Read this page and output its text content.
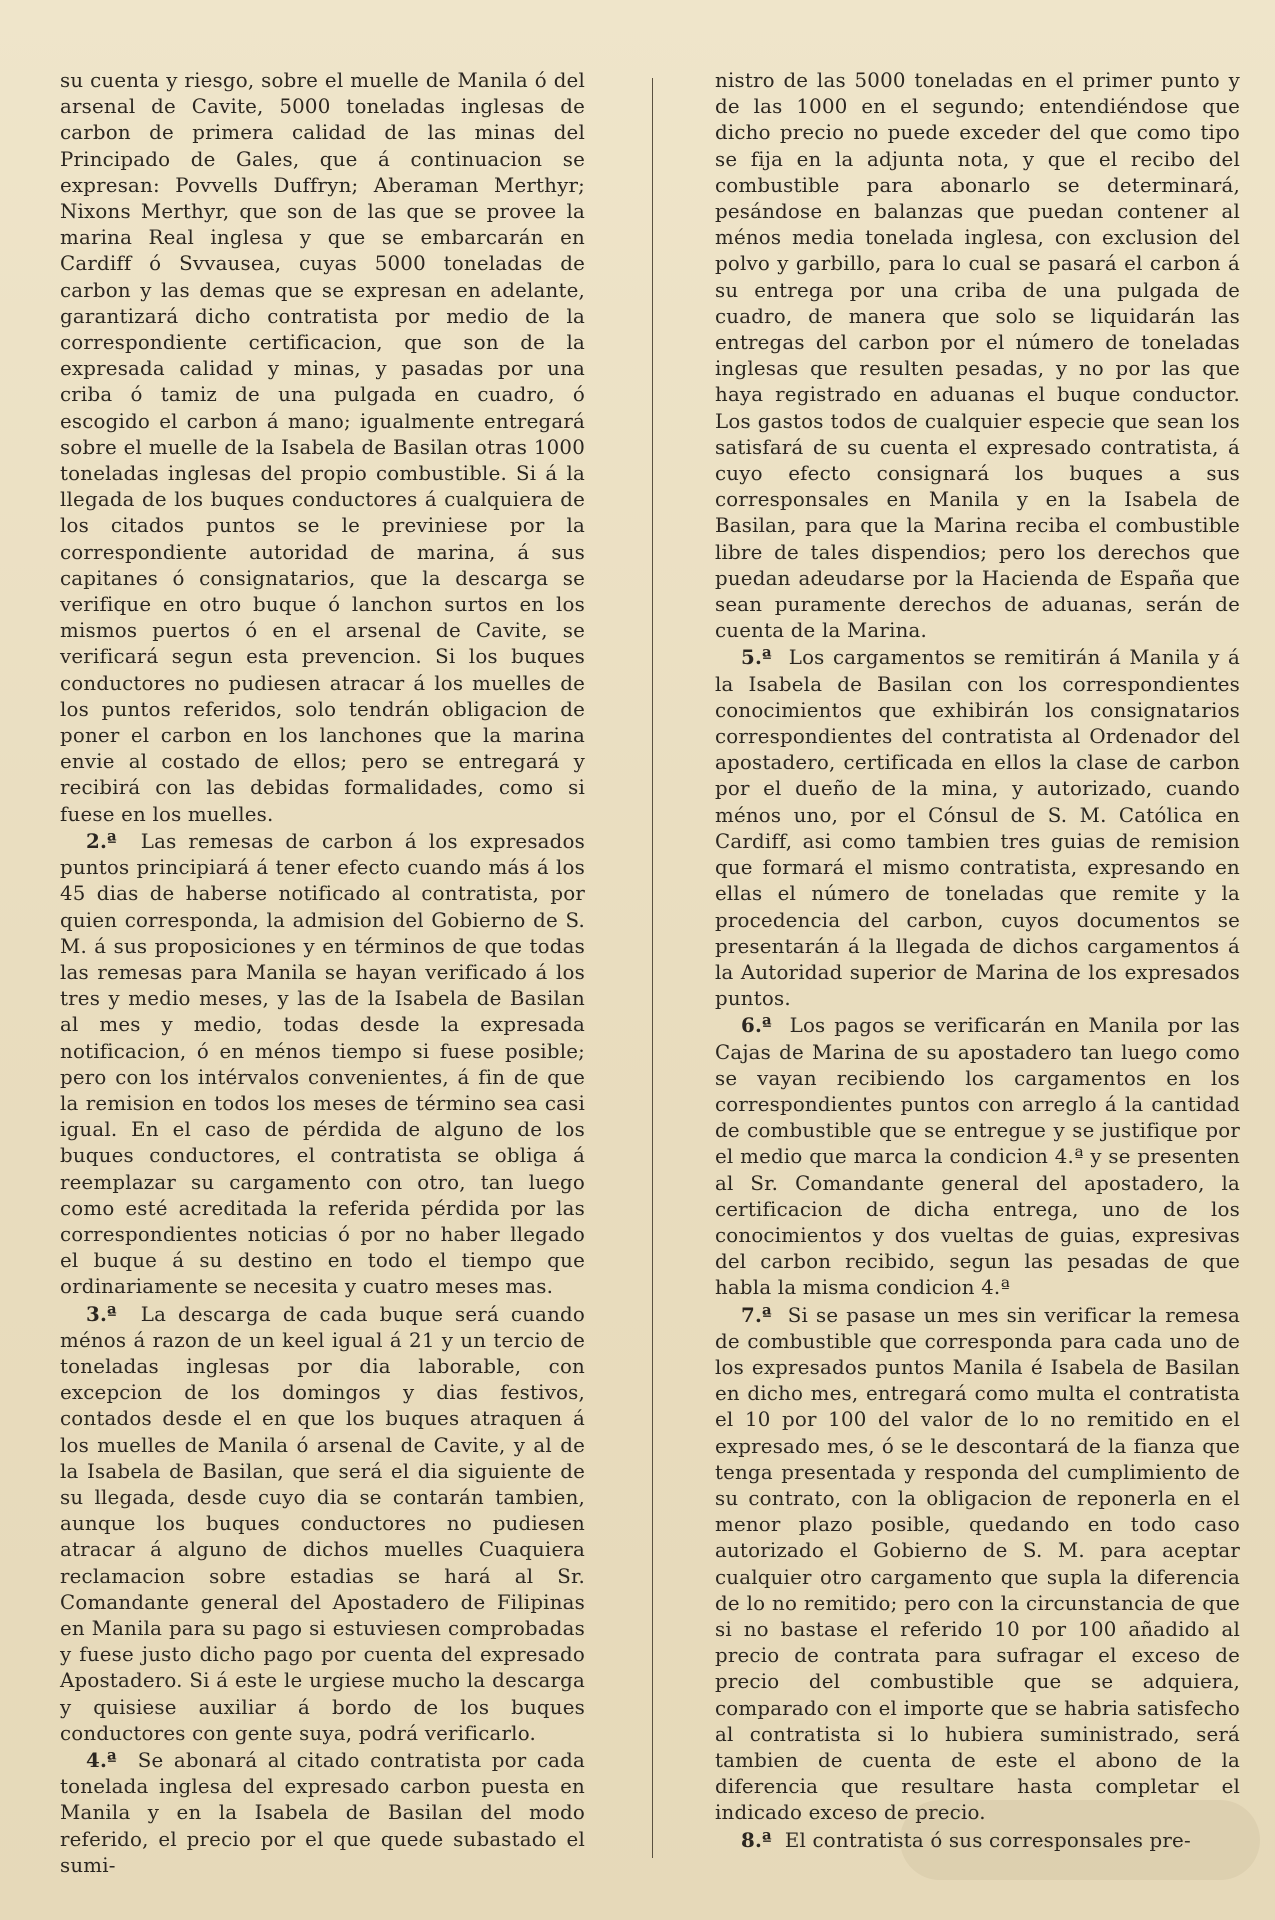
su cuenta y riesgo, sobre el muelle de Manila ó del arsenal de Cavite, 5000 toneladas inglesas de carbon de primera calidad de las minas del Principado de Gales, que á continuacion se expresan: Povvells Duffryn; Aberaman Merthyr; Nixons Merthyr, que son de las que se provee la marina Real inglesa y que se embarcarán en Cardiff ó Svvausea, cuyas 5000 toneladas de carbon y las demas que se expresan en adelante, garantizará dicho contratista por medio de la correspondiente certificacion, que son de la expresada calidad y minas, y pasadas por una criba ó tamiz de una pulgada en cuadro, ó escogido el carbon á mano; igualmente entregará sobre el muelle de la Isabela de Basilan otras 1000 toneladas inglesas del propio combustible. Si á la llegada de los buques conductores á cualquiera de los citados puntos se le previniese por la correspondiente autoridad de marina, á sus capitanes ó consignatarios, que la descarga se verifique en otro buque ó lanchon surtos en los mismos puertos ó en el arsenal de Cavite, se verificará segun esta prevencion. Si los buques conductores no pudiesen atracar á los muelles de los puntos referidos, solo tendrán obligacion de poner el carbon en los lanchones que la marina envie al costado de ellos; pero se entregará y recibirá con las debidas formalidades, como si fuese en los muelles.

2.ª Las remesas de carbon á los expresados puntos principiará á tener efecto cuando más á los 45 dias de haberse notificado al contratista, por quien corresponda, la admision del Gobierno de S. M. á sus proposiciones y en términos de que todas las remesas para Manila se hayan verificado á los tres y medio meses, y las de la Isabela de Basilan al mes y medio, todas desde la expresada notificacion, ó en ménos tiempo si fuese posible; pero con los intérvalos convenientes, á fin de que la remision en todos los meses de término sea casi igual. En el caso de pérdida de alguno de los buques conductores, el contratista se obliga á reemplazar su cargamento con otro, tan luego como esté acreditada la referida pérdida por las correspondientes noticias ó por no haber llegado el buque á su destino en todo el tiempo que ordinariamente se necesita y cuatro meses mas.

3.ª La descarga de cada buque será cuando ménos á razon de un keel igual á 21 y un tercio de toneladas inglesas por dia laborable, con excepcion de los domingos y dias festivos, contados desde el en que los buques atraquen á los muelles de Manila ó arsenal de Cavite, y al de la Isabela de Basilan, que será el dia siguiente de su llegada, desde cuyo dia se contarán tambien, aunque los buques conductores no pudiesen atracar á alguno de dichos muelles Cuaquiera reclamacion sobre estadias se hará al Sr. Comandante general del Apostadero de Filipinas en Manila para su pago si estuviesen comprobadas y fuese justo dicho pago por cuenta del expresado Apostadero. Si á este le urgiese mucho la descarga y quisiese auxiliar á bordo de los buques conductores con gente suya, podrá verificarlo.

4.ª Se abonará al citado contratista por cada tonelada inglesa del expresado carbon puesta en Manila y en la Isabela de Basilan del modo referido, el precio por el que quede subastado el sumi-

nistro de las 5000 toneladas en el primer punto y de las 1000 en el segundo; entendiéndose que dicho precio no puede exceder del que como tipo se fija en la adjunta nota, y que el recibo del combustible para abonarlo se determinará, pesándose en balanzas que puedan contener al ménos media tonelada inglesa, con exclusion del polvo y garbillo, para lo cual se pasará el carbon á su entrega por una criba de una pulgada de cuadro, de manera que solo se liquidarán las entregas del carbon por el número de toneladas inglesas que resulten pesadas, y no por las que haya registrado en aduanas el buque conductor. Los gastos todos de cualquier especie que sean los satisfará de su cuenta el expresado contratista, á cuyo efecto consignará los buques a sus corresponsales en Manila y en la Isabela de Basilan, para que la Marina reciba el combustible libre de tales dispendios; pero los derechos que puedan adeudarse por la Hacienda de España que sean puramente derechos de aduanas, serán de cuenta de la Marina.

5.ª Los cargamentos se remitirán á Manila y á la Isabela de Basilan con los correspondientes conocimientos que exhibirán los consignatarios correspondientes del contratista al Ordenador del apostadero, certificada en ellos la clase de carbon por el dueño de la mina, y autorizado, cuando ménos uno, por el Cónsul de S. M. Católica en Cardiff, asi como tambien tres guias de remision que formará el mismo contratista, expresando en ellas el número de toneladas que remite y la procedencia del carbon, cuyos documentos se presentarán á la llegada de dichos cargamentos á la Autoridad superior de Marina de los expresados puntos.

6.ª Los pagos se verificarán en Manila por las Cajas de Marina de su apostadero tan luego como se vayan recibiendo los cargamentos en los correspondientes puntos con arreglo á la cantidad de combustible que se entregue y se justifique por el medio que marca la condicion 4.ª y se presenten al Sr. Comandante general del apostadero, la certificacion de dicha entrega, uno de los conocimientos y dos vueltas de guias, expresivas del carbon recibido, segun las pesadas de que habla la misma condicion 4.ª

7.ª Si se pasase un mes sin verificar la remesa de combustible que corresponda para cada uno de los expresados puntos Manila é Isabela de Basilan en dicho mes, entregará como multa el contratista el 10 por 100 del valor de lo no remitido en el expresado mes, ó se le descontará de la fianza que tenga presentada y responda del cumplimiento de su contrato, con la obligacion de reponerla en el menor plazo posible, quedando en todo caso autorizado el Gobierno de S. M. para aceptar cualquier otro cargamento que supla la diferencia de lo no remitido; pero con la circunstancia de que si no bastase el referido 10 por 100 añadido al precio de contrata para sufragar el exceso de precio del combustible que se adquiera, comparado con el importe que se habria satisfecho al contratista si lo hubiera suministrado, será tambien de cuenta de este el abono de la diferencia que resultare hasta completar el indicado exceso de precio.

8.ª El contratista ó sus corresponsales pre-
